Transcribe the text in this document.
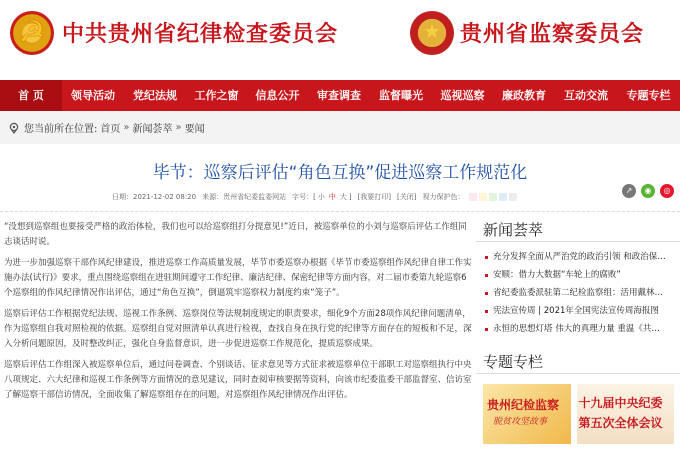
☭
中共贵州省纪律检查委员会
★	贵州省监察委员会
首 页	领导活动	党纪法规	工作之窗	信息公开	审查调查	监督曝光	巡视巡察	廉政教育	互动交流	专题专栏
您当前所在位置: 首页 » 新闻荟萃 » 要闻
毕节：巡察后评估“角色互换”促进巡察工作规范化
日期：2021-12-02 08:20 来源：贵州省纪委监委网站 字号：[ 小 中 大 ] [我要打印] [关闭] 视力保护色：
↗	◉	◎

“没想到巡察组也要接受严格的政治体检，我们也可以给巡察组打分提意见!”近日，被巡察单位的小刘与巡察后评估工作组同志谈话时说。

为进一步加强巡察干部作风纪律建设，推进巡察工作高质量发展，毕节市委巡察办根据《毕节市委巡察组作风纪律自律工作实施办法(试行)》要求，重点围绕巡察组在进驻期间遵守工作纪律、廉洁纪律、保密纪律等方面内容，对二届市委第九轮巡察6个巡察组的作风纪律情况作出评估，通过“角色互换”，倒逼筑牢巡察权力制度约束“笼子”。

巡察后评估工作根据党纪法规、巡视工作条例、巡察岗位等法规制度规定的职责要求，细化9个方面28项作风纪律问题清单，作为巡察组自我对照检视的依据。巡察组自觉对照清单认真进行检视，查找自身在执行党的纪律等方面存在的短板和不足，深入分析问题原因，及时整改纠正，强化自身监督意识，进一步促进巡察工作规范化，提质巡察成果。

巡察后评估工作组深入被巡察单位后，通过问卷调查、个别谈话、征求意见等方式征求被巡察单位干部职工对巡察组执行中央八项规定、六大纪律和巡视工作条例等方面情况的意见建议，同时查阅审核要据等资料，向该市纪委监委干部监督室、信访室了解巡察干部信访情况，全面收集了解巡察组存在的问题，对巡察组作风纪律情况作出评估。

新闻荟萃
充分发挥全面从严治党的政治引领 和政治保…
安顺：借力大数据“车轮上的腐败”
省纪委监委派驻第二纪检监察组：活用戴林…
宪法宣传周 | 2021年全国宪法宣传周海报图
永恒的思想灯塔 伟大的真理力量 重温《共…
专题专栏
贵州纪检监察
脱贫攻坚故事
十九届中央纪委
第五次全体会议
